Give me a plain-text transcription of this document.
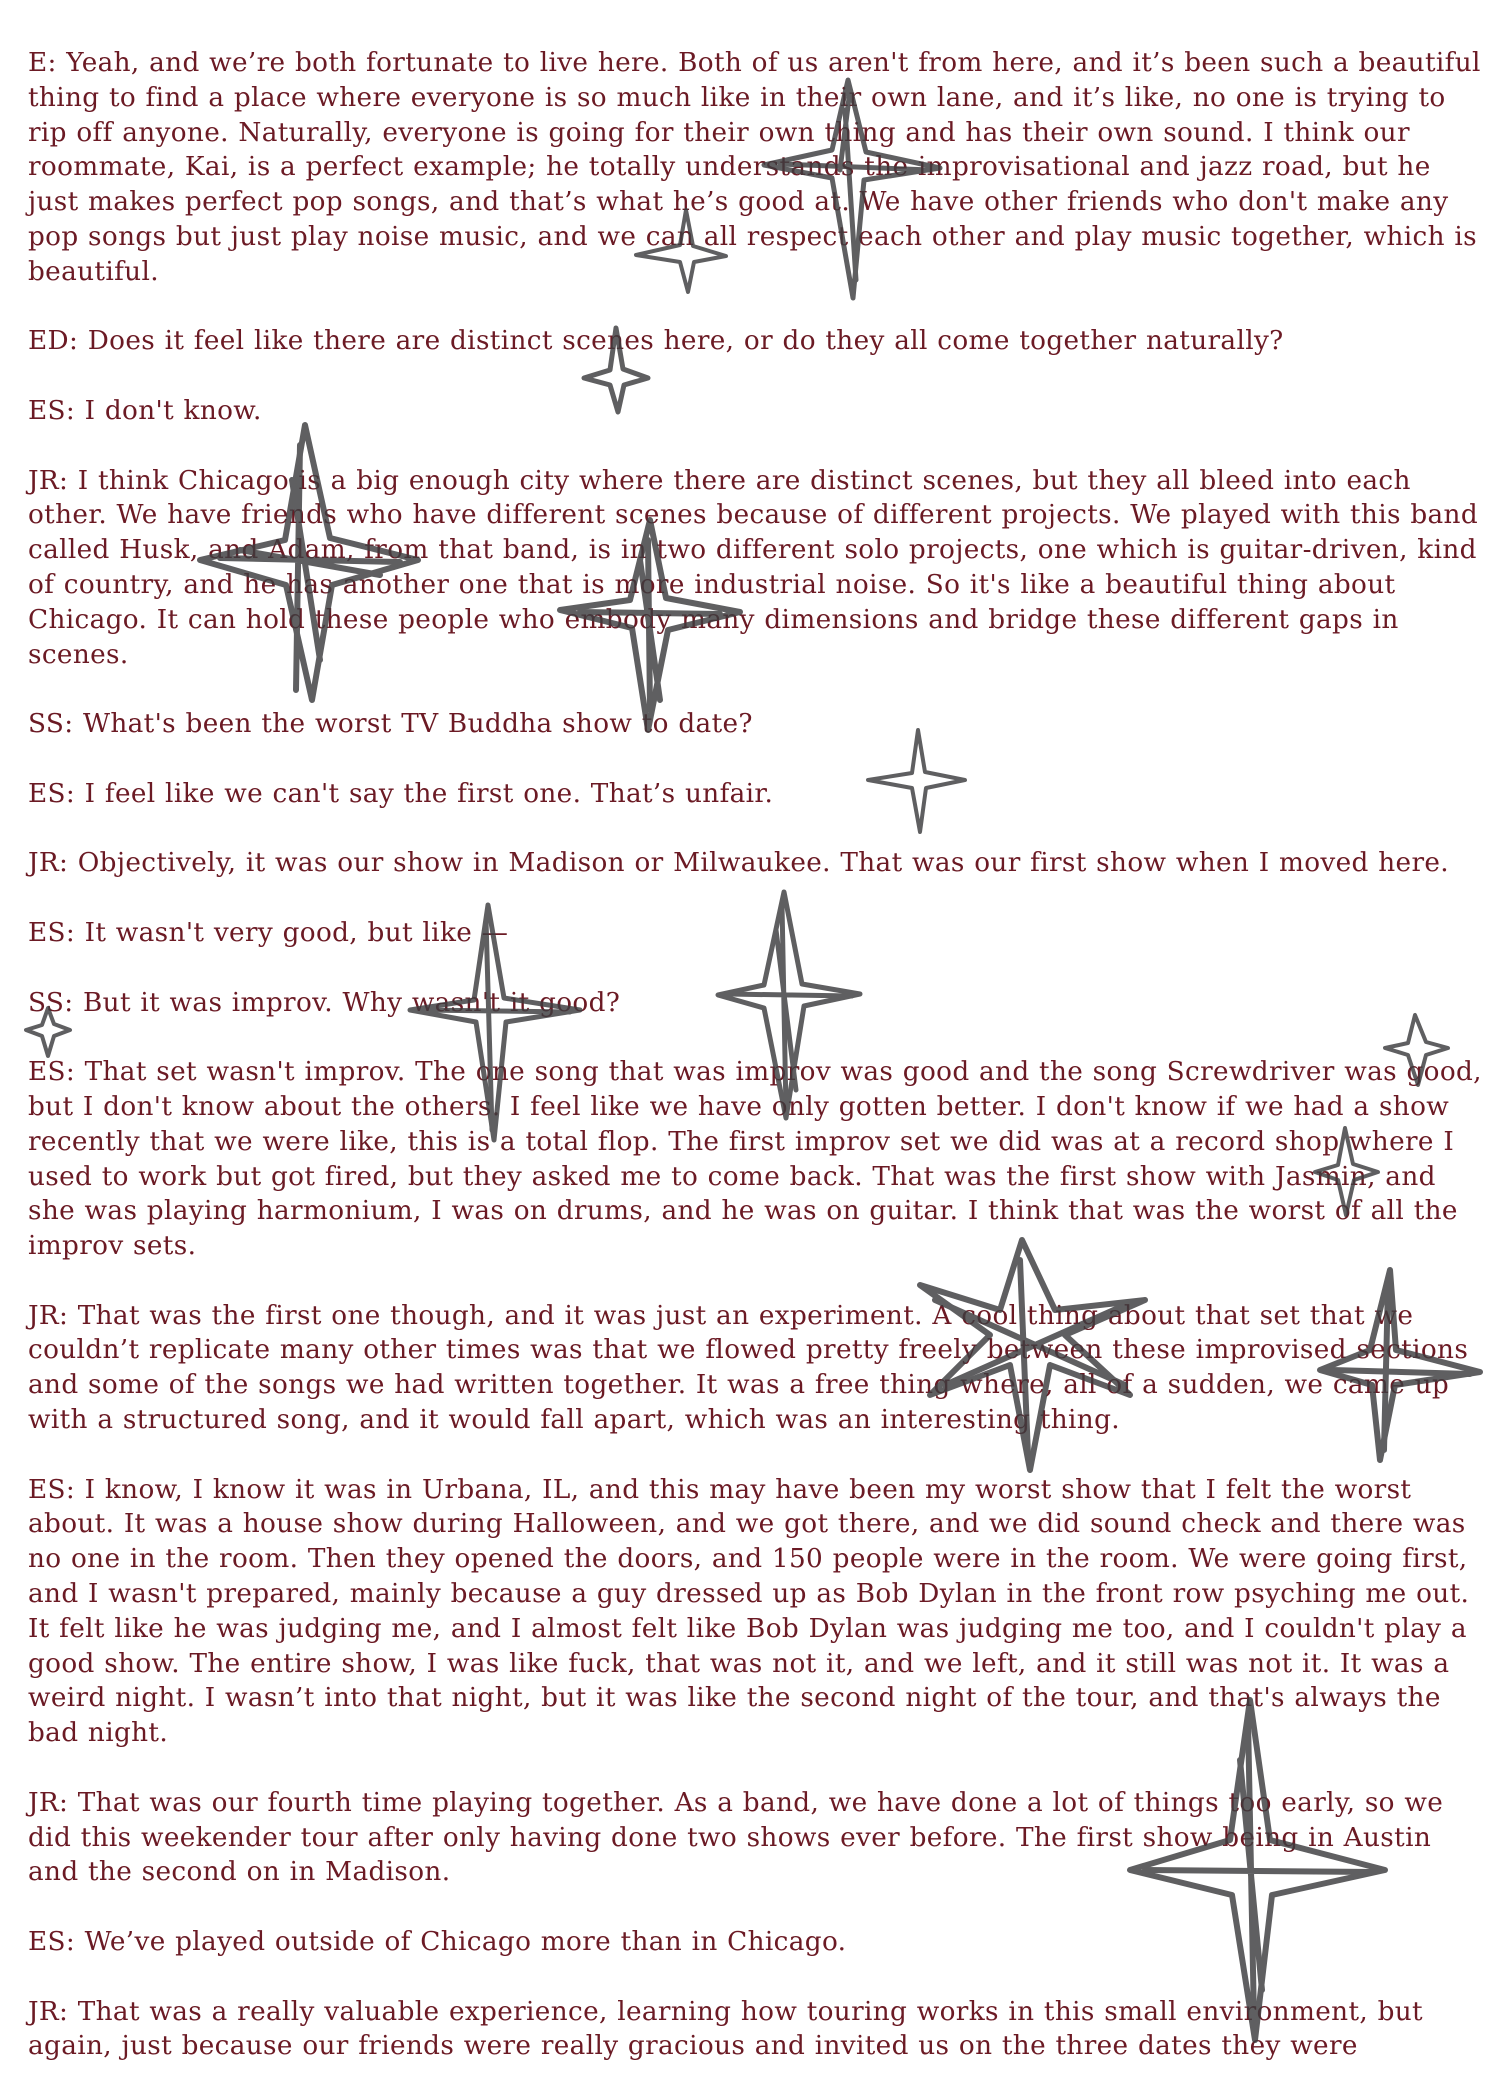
E: Yeah, and we’re both fortunate to live here. Both of us aren't from here, and it’s been such a beautiful thing to find a place where everyone is so much like in their own lane, and it’s like, no one is trying to rip off anyone. Naturally, everyone is going for their own thing and has their own sound. I think our roommate, Kai, is a perfect example; he totally understands the improvisational and jazz road, but he just makes perfect pop songs, and that’s what he’s good at. We have other friends who don't make any pop songs but just play noise music, and we can all respect each other and play music together, which is beautiful.

ED: Does it feel like there are distinct scenes here, or do they all come together naturally?

ES: I don't know.

JR: I think Chicago is a big enough city where there are distinct scenes, but they all bleed into each other. We have friends who have different scenes because of different projects. We played with this band called Husk, and Adam, from that band, is in two different solo projects, one which is guitar-driven, kind of country, and he has another one that is more industrial noise. So it's like a beautiful thing about Chicago. It can hold these people who embody many dimensions and bridge these different gaps in scenes.

SS: What's been the worst TV Buddha show to date?

ES: I feel like we can't say the first one. That’s unfair.

JR: Objectively, it was our show in Madison or Milwaukee. That was our first show when I moved here.

ES: It wasn't very good, but like —

SS: But it was improv. Why wasn't it good?

ES: That set wasn't improv. The one song that was improv was good and the song Screwdriver was good, but I don't know about the others. I feel like we have only gotten better. I don't know if we had a show recently that we were like, this is a total flop. The first improv set we did was at a record shop where I used to work but got fired, but they asked me to come back. That was the first show with Jasmin, and she was playing harmonium, I was on drums, and he was on guitar. I think that was the worst of all the improv sets.

JR: That was the first one though, and it was just an experiment. A cool thing about that set that we couldn’t replicate many other times was that we flowed pretty freely between these improvised sections and some of the songs we had written together. It was a free thing where, all of a sudden, we came up with a structured song, and it would fall apart, which was an interesting thing.

ES: I know, I know it was in Urbana, IL, and this may have been my worst show that I felt the worst about. It was a house show during Halloween, and we got there, and we did sound check and there was no one in the room. Then they opened the doors, and 150 people were in the room. We were going first, and I wasn't prepared, mainly because a guy dressed up as Bob Dylan in the front row psyching me out. It felt like he was judging me, and I almost felt like Bob Dylan was judging me too, and I couldn't play a good show. The entire show, I was like fuck, that was not it, and we left, and it still was not it. It was a weird night. I wasn’t into that night, but it was like the second night of the tour, and that's always the bad night.

JR: That was our fourth time playing together. As a band, we have done a lot of things too early, so we did this weekender tour after only having done two shows ever before. The first show being in Austin and the second on in Madison.

ES: We’ve played outside of Chicago more than in Chicago.

JR: That was a really valuable experience, learning how touring works in this small environment, but again, just because our friends were really gracious and invited us on the three dates they were
